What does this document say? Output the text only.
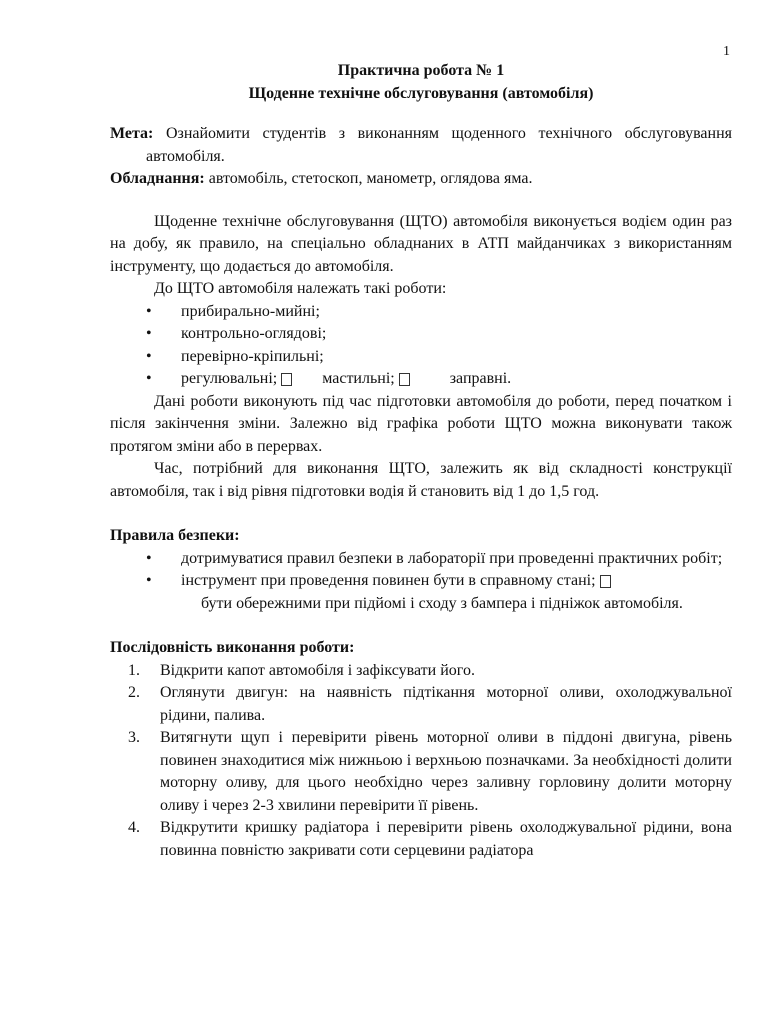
1

Практична робота № 1

Щоденне технічне обслуговування (автомобіля)

Мета: Ознайомити студентів з виконанням щоденного технічного обслуговування автомобіля.

Обладнання: автомобіль, стетоскоп, манометр, оглядова яма.

Щоденне технічне обслуговування (ЩТО) автомобіля виконується водієм один раз на добу, як правило, на спеціально обладнаних в АТП майданчиках з використанням інструменту, що додається до автомобіля.

До ЩТО автомобіля належать такі роботи:

• прибирально-мийні;
• контрольно-оглядові;
• перевірно-кріпильні;
• регулювальні;	мастильні;	заправні.

Дані роботи виконують під час підготовки автомобіля до роботи, перед початком і після закінчення зміни. Залежно від графіка роботи ЩТО можна виконувати також протягом зміни або в перервах.

Час, потрібний для виконання ЩТО, залежить як від складності конструкції автомобіля, так і від рівня підготовки водія й становить від 1 до 1,5 год.

Правила безпеки:

• дотримуватися правил безпеки в лабораторії при проведенні практичних робіт;
• інструмент при проведення повинен бути в справному стані;
бути обережними при підйомі і сходу з бампера і підніжок автомобіля.

Послідовність виконання роботи:

1. Відкрити капот автомобіля і зафіксувати його.
2. Оглянути двигун: на наявність підтікання моторної оливи, охолоджувальної рідини, палива.
3. Витягнути щуп і перевірити рівень моторної оливи в піддоні двигуна, рівень повинен знаходитися між нижньою і верхньою позначками. За необхідності долити моторну оливу, для цього необхідно через заливну горловину долити моторну оливу і через 2-3 хвилини перевірити її рівень.
4. Відкрутити кришку радіатора і перевірити рівень охолоджувальної рідини, вона повинна повністю закривати соти серцевини радіатора
